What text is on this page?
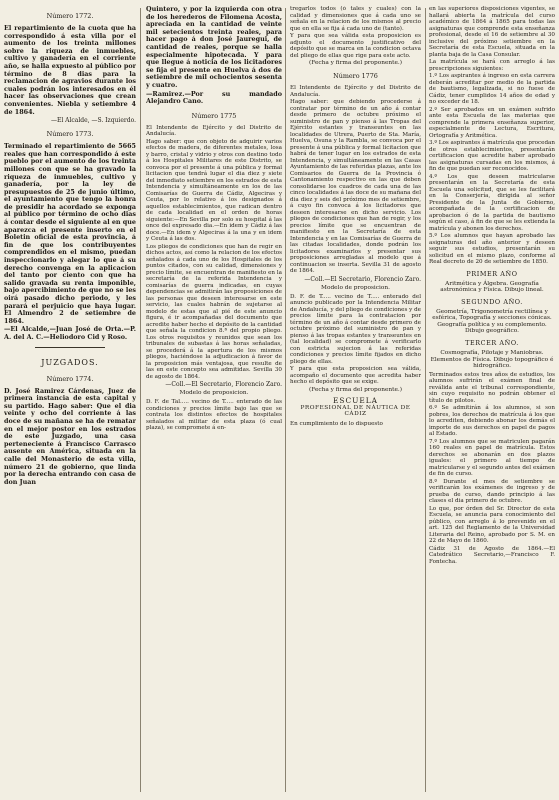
Número 1772.

El repartimiento de la cuota que ha correspondido á esta villa por el aumento de los treinta millones sobre la riqueza de inmuebles, cultivo y ganadería en el corriente año, se halla expuesto al público por término de 8 dias para la reclamacion de agravios durante los cuales podrán los interesados en él hacer las observaciones que crean convenientes. Niebla y setiembre 4 de 1864.

—El Alcalde, —S. Izquierdo.
Número 1773.

Terminado el repartimiento de 5665 reales que han correspondido á este pueblo por el aumento de los treinta millones con que se ha gravado la riqueza de inmuebles, cultivo y ganadería, por la ley de presupuestos de 25 de junio último, el ayuntamiento que tengo la honra de presidir ha acordado se exponga al público por término de ocho dias á contar desde el siguiente al en que aparezca el presente inserto en el Boletin oficial de esta provincia, á fin de que los contribuyentes comprendidos en el mismo, puedan inspeccionarlo y alegar lo que á su derecho convenga en la aplicacion del tanto por ciento con que ha salido gravada su renta imponible, bajo apercibimiento de que no se les oirá pasado dicho periodo, y les parará el perjuicio que haya lugar. El Almendro 2 de setiembre de 1864.

—El Alcalde,—Juan José de Orta.—P. A. del A. C.—Heliodoro Cid y Roso.

JUZGADOS.
Número 1774.

D. José Ramirez Cárdenas, Juez de primera instancia de esta capital y su partido. Hago saber: Que el dia veinte y ocho del corriente á las doce de su mañana se ha de rematar en el mejor postor en los estrados de este Juzgado, una casa perteneciente á Francisco Carrasco ausente en América, situada en la calle del Monasterio de esta villa, número 21 de gobierno, que linda por la derecha entrando con casa de don Juan

Quintero, y por la izquierda con otra de los herederos de Filomena Acosta, apreciada en la cantidad de veinte mil setecientos treinta reales, para hacer pago á don José Jauregui, de cantidad de reales, porque se halla especialmente hipotecada. Y para que llegue á noticia de los licitadores se fija el presente en Huelva á dos de setiembre de mil ochocientos sesenta y cuatro.

—Ramirez.—Por su mandado Alejandro Cano.

Número 1775

El Intendente de Ejército y del Distrito de Andalucía.

Hago saber: que con objeto de adquirir varios efectos de madera, de diferentes metales, losa y barro, cristal y vidrio y otros con destino todo á los Hospitales Militares de este Distrito, se convoca por el presente á una pública y formal licitacion que tendrá lugar el dia diez y siete del inmediato setiembre en los estrados de esta Intendencia y simultáneamente en los de las Comisarías de Guerra de Cádiz, Algeciras y Ceuta, por lo relativo á los designados á aquellos establecimientos, que radican dentro de cada localidad en el orden de horas siguiente:—En Sevilla por solo su hospital á las once del expresado dia.—En idem y Cádiz á las doce.—En idem y Algeciras á la una y en idem y Ceuta á las dos.

Los pliegos de condiciones que han de regir en dichos actos, así como la relacion de los efectos señalados á cada uno de los Hospitales de los puntos citados, con su calidad, dimensiones y precio límite, se encuentran de manifiesto en la secretaría de la referida Intendencia y comisarías de guerra indicadas, en cuyas dependencias se admitirán las proposiciones de las personas que deseen interesarse en este servicio, las cuales habrán de sujetarse al modelo de estas que al pié de este anuncio figura, é ir acompañadas del documento que acredite haber hecho el depósito de la cantidad que señala la condicion 8.ª del propio pliego. Los otros requisitos y reunidos que sean los tribunales de subastas á las horas señaladas, se procederá á la apertura de los mismos pliegos, haciéndose la adjudicacion á favor de la proposicion más ventajosa, que resulte de las en este concepto sea admitidas. Sevilla 30 de agosto de 1864.

—Coll.—El Secretario, Florencio Zaro.
Modelo de proposicion.

D. F. de Tal..... vecino de T..... enterado de las condiciones y precios límite bajo las que se contrata los distintos efectos de hospitales señalados al militar de esta plaza (ó cual plaza), se compromete á en-

tregarlos todos (ó tales y cuales) con la calidad y dimensiones que á cada uno se señala en la relacion de los mismos al precio que en ella se fija á cada uno de (tanto).

Y para que sea válida esta proposicion es adjunto el documento justificativo del depósito que se marca en la condicion octava del pliego de ellas que rige para este acto.

(Fecha y firma del proponente.)
Número 1776

El Intendente de Ejército y del Distrito de Andalucía.

Hago saber: que debiendo procederse á contratar por término de un año á contar desde primero de octubre próximo el suministro de pan y pienso á las Tropas del Ejército estantes y transeuntes en las localidades de Utrera, Puerto de Sta. María, Huelva, Osuna y la Rambla, se convoca por el presente á una pública y formal licitacion que habrá de tener lugar en los estrados de esta Intendencia, y simultáneamente en las Casas Ayuntamiento de las referidas plazas, ante los Comisarios de Guerra de la Provincia ó Cantonamiento respectivo en las que deben consolidarse los cuadros de cada una de las cinco localidades á las doce de su mañana del dia diez y seis del próximo mes de setiembre, á cuyo fin convoca á los licitadores que deseen interesarse en dicho servicio. Los pliegos de condiciones que han de regir, y los precios límite que se encuentran de manifiesto en la Secretaría de esta Intendencia y en las Comisarías de Guerra de las citadas localidades, donde podrán los licitadores examinarlos y presentar sus proposiciones arregladas al modelo que á continuacion se inserta. Sevilla 31 de agosto de 1864.

—Coll.—El Secretario, Florencio Zaro.
Modelo de proposicion.

D. F. de T..... vecino de T..... enterado del anuncio publicado por la Intendencia Militar de Andalucía, y del pliego de condiciones y de precios límite para la contratacion por término de un año á contar desde primero de octubre próximo del suministro de pan y pienso á las tropas estantes y transeuntes en (tal localidad) se compromete á verificarlo con estricta sujecion á las referidas condiciones y precios límite fijados en dicho pliego de ellas.

Y para que esta proposicion sea válida, acompaño el documento que acredita haber hecho el depósito que se exige.

(Fecha y firma del proponente.)
ESCUELA
PROFESIONAL DE NÁUTICA DE CÁDIZ

En cumplimiento de lo dispuesto

en las superiores disposiciones vigentes, se hallará abierta la matrícula del curso académico de 1864 á 1865 para todas las asignaturas que comprende esta enseñanza profesional, desde el 16 de setiembre al 30 inclusive del próximo setiembre en la Secretaría de esta Escuela, situada en la planta baja de la Casa Consular.

La matrícula se hará con arreglo á las prescripciones siguientes:

1.º Los aspirantes á ingreso en esta carrera deberán acreditar por medio de la partida de bautismo, legalizada, si no fuese de Cádiz, tener cumplidos 14 años de edad y no exceder de 18.

2.º Ser aprobados en un exámen sufrido ante esta Escuela de las materias que comprende la primera enseñanza superior, especialmente de Lectura, Escritura, Ortografía y Aritmética.

3.º Los aspirantes á matrícula que procedan de otros establecimientos, presentarán certificacion que acredite haber aprobado las asignaturas cursadas en los mismos, á fin de que puedan ser reconocidos.

4.º Los que deseen matricularse presentarán en la Secretaría de esta Escuela una solicitud, que se les facilitará en la Conserjería, dirigida al señor Presidente de la Junta de Gobierno, acompañada de la certificacion de aprobacion ó de la partida de bautismo según el caso, á fin de que se les extienda la matrícula y abonen los derechos.

5.º Los alumnos que hayan aprobado las asignaturas del año anterior y deseen seguir sus estudios, presentarán su solicitud en el mismo plazo, conforme al Real decreto de 20 de setiembre de 1850.

PRIMER AÑO
Aritmética y Álgebra. Geografía astronómica y Física. Dibujo lineal.
SEGUNDO AÑO.
Geometría, Trigonometría rectilínea y esférica, Topografía y secciones cónicas. Geografía política y su complemento. Dibujo geográfico.
TERCER AÑO.
Cosmografía, Pilotaje y Maniobras. Elementos de Física. Dibujo topográfico é hidrográfico.

Terminados estos tres años de estudios, los alumnos sufrirán el exámen final de reválida ante el tribunal correspondiente, sin cuyo requisito no podrán obtener el título de pilotos.

6.º Se admitirán á los alumnos, si son pobres, los derechos de matrícula á los que lo acrediten, debiendo abonar los demás el importe de sus derechos en papel de pagos al Estado.

7.º Los alumnos que se matriculen pagarán 160 reales en papel de matrícula. Estos derechos se abonarán en dos plazos iguales: el primero al tiempo de matricularse y el segundo antes del exámen de fin de curso.

8.º Durante el mes de setiembre se verificarán los exámenes de ingreso y de prueba de curso, dando principio á las clases el dia primero de octubre.

Lo que, por órden del Sr. Director de esta Escuela, se anuncia para conocimiento del público, con arreglo á lo prevenido en el art. 125 del Reglamento de la Universidad Literaria del Reino, aprobado por S. M. en 22 de Mayo de 1860.

Cádiz 31 de Agosto de 1864.—El Catedrático Secretario,—Francisco F. Fontecha.
